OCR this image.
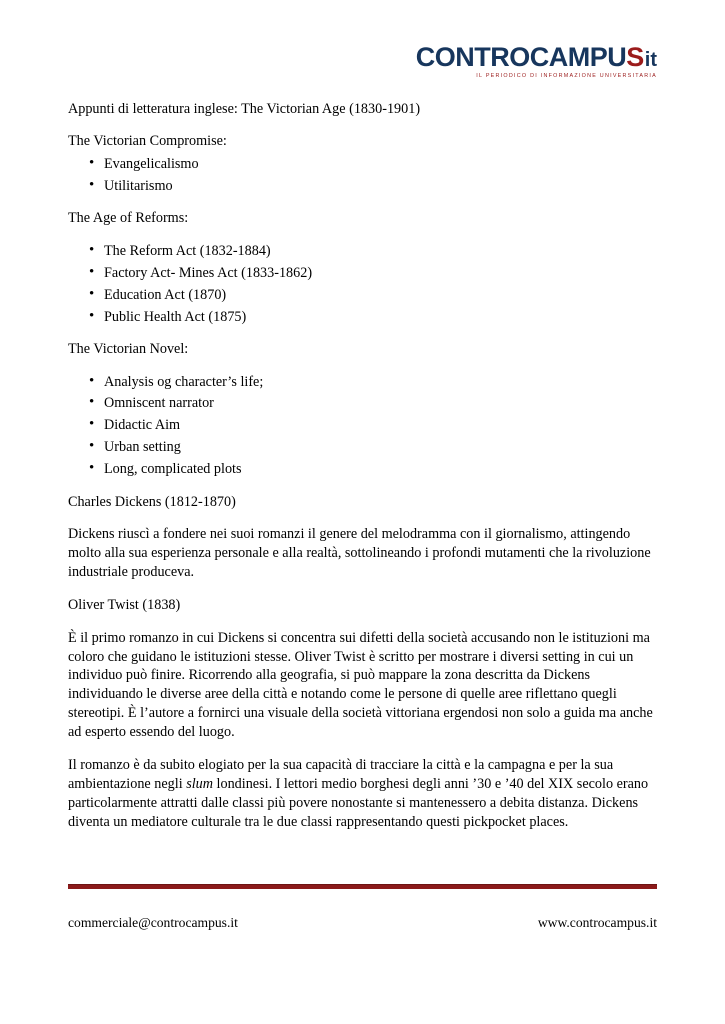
CONTROCAMPUSit
IL PERIODICO DI INFORMAZIONE UNIVERSITARIA

Appunti di letteratura inglese: The Victorian Age (1830-1901)

The Victorian Compromise:

• Evangelicalismo
• Utilitarismo

The Age of Reforms:

• The Reform Act (1832-1884)
• Factory Act- Mines Act (1833-1862)
• Education Act (1870)
• Public Health Act (1875)

The Victorian Novel:

• Analysis og character’s life;
• Omniscent narrator
• Didactic Aim
• Urban setting
• Long, complicated plots

Charles Dickens (1812-1870)

Dickens riuscì a fondere nei suoi romanzi il genere del melodramma con il giornalismo, attingendo molto alla sua esperienza personale e alla realtà, sottolineando i profondi mutamenti che la rivoluzione industriale produceva.

Oliver Twist (1838)

È il primo romanzo in cui Dickens si concentra sui difetti della società accusando non le istituzioni ma coloro che guidano le istituzioni stesse. Oliver Twist è scritto per mostrare i diversi setting in cui un individuo può finire. Ricorrendo alla geografia, si può mappare la zona descritta da Dickens individuando le diverse aree della città e notando come le persone di quelle aree riflettano quegli stereotipi. È l’autore a fornirci una visuale della società vittoriana ergendosi non solo a guida ma anche ad esperto essendo del luogo.

Il romanzo è da subito elogiato per la sua capacità di tracciare la città e la campagna e per la sua ambientazione negli slum londinesi. I lettori medio borghesi degli anni ’30 e ’40 del XIX secolo erano particolarmente attratti dalle classi più povere nonostante si mantenessero a debita distanza. Dickens diventa un mediatore culturale tra le due classi rappresentando questi pickpocket places.

commerciale@controcampus.it	www.controcampus.it
